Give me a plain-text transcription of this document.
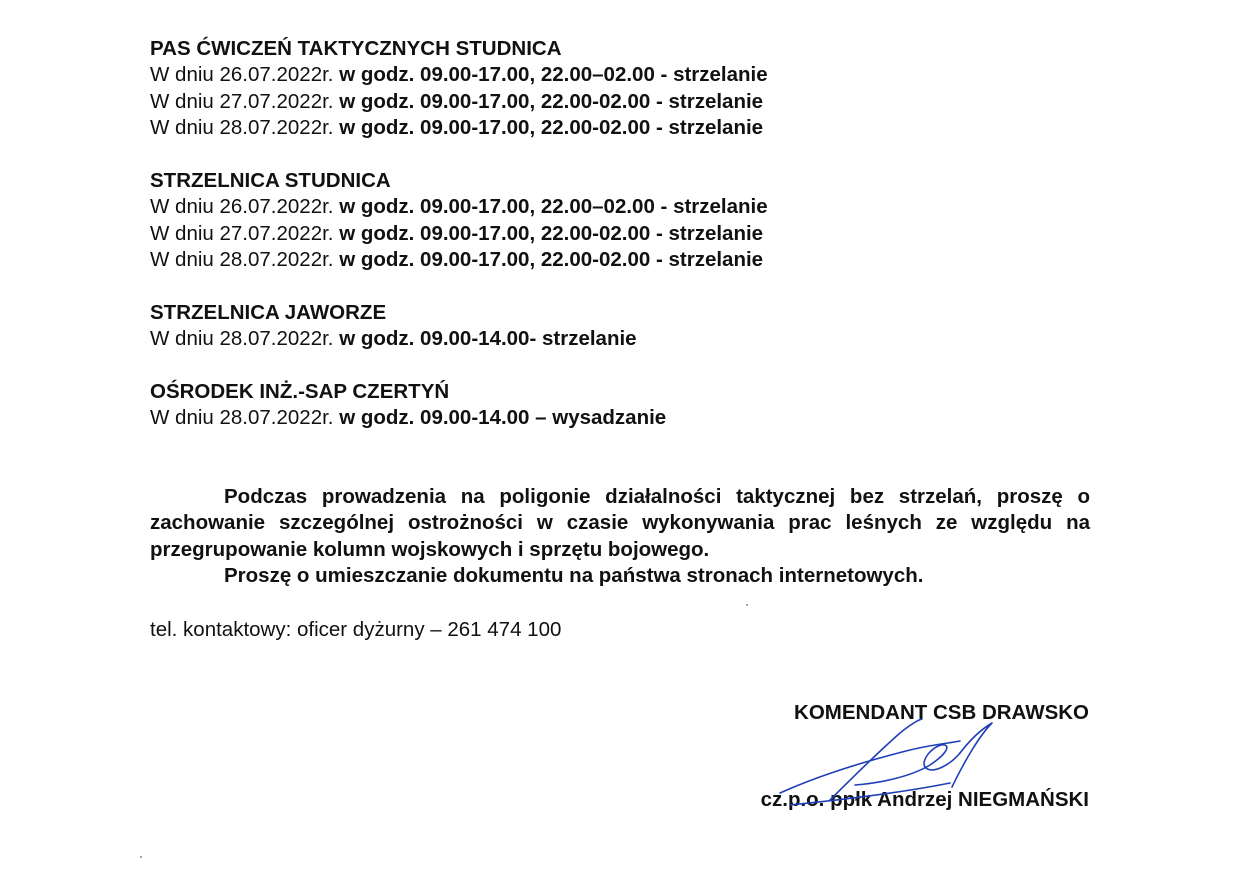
PAS ĆWICZEŃ TAKTYCZNYCH STUDNICA
W dniu 26.07.2022r. w godz. 09.00-17.00, 22.00–02.00 - strzelanie
W dniu 27.07.2022r. w godz. 09.00-17.00, 22.00-02.00 - strzelanie
W dniu 28.07.2022r. w godz. 09.00-17.00, 22.00-02.00 - strzelanie
STRZELNICA STUDNICA
W dniu 26.07.2022r. w godz. 09.00-17.00, 22.00–02.00 - strzelanie
W dniu 27.07.2022r. w godz. 09.00-17.00, 22.00-02.00 - strzelanie
W dniu 28.07.2022r. w godz. 09.00-17.00, 22.00-02.00 - strzelanie
STRZELNICA JAWORZE
W dniu 28.07.2022r. w godz. 09.00-14.00- strzelanie
OŚRODEK INŻ.-SAP CZERTYŃ
W dniu 28.07.2022r. w godz. 09.00-14.00 – wysadzanie
Podczas prowadzenia na poligonie działalności taktycznej bez strzelań, proszę o zachowanie szczególnej ostrożności w czasie wykonywania prac leśnych ze względu na przegrupowanie kolumn wojskowych i sprzętu bojowego.
Proszę o umieszczanie dokumentu na państwa stronach internetowych.
tel. kontaktowy: oficer dyżurny – 261 474 100
KOMENDANT CSB DRAWSKO
cz.p.o. ppłk Andrzej NIEGMAŃSKI
